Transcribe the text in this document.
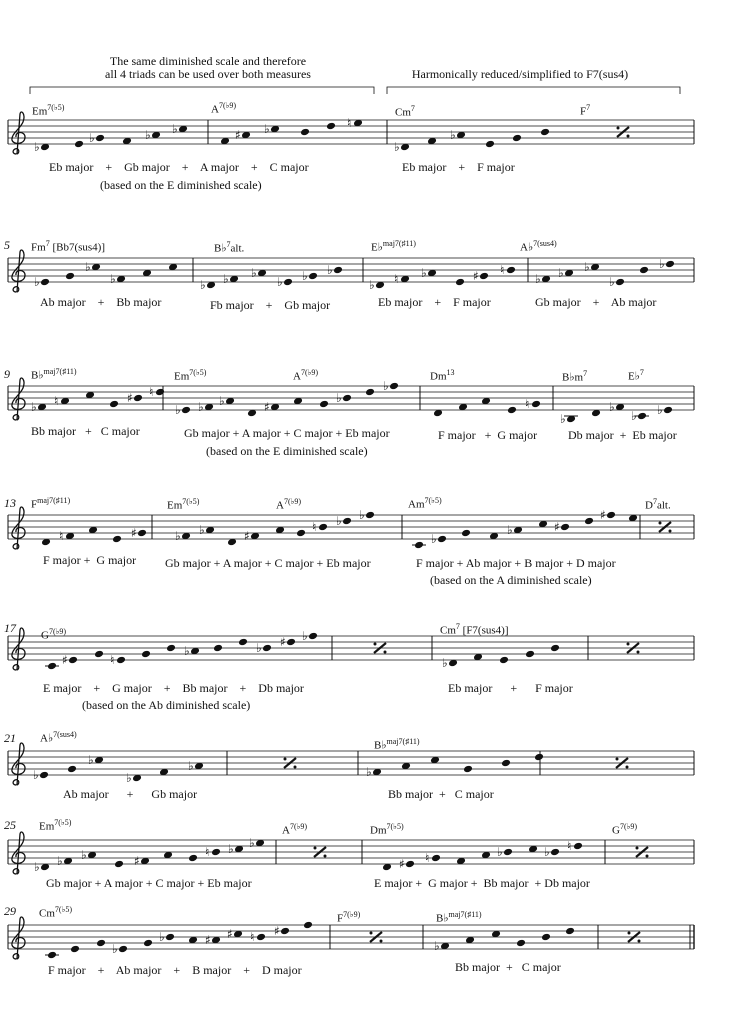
♭
♭	♭ ♭	♯ ♭	♮
♭
♭
♭
♭
♭	♭ ♭ ♭
♭ ♭ ♭
♭ ♮ ♭	♯ ♮
♭ ♭ ♭
♭
♭
♭ ♮	♯ ♮
♭ ♭ ♭	♯
♭
♭
♮
♭
♭
♭ ♭
♮	♯	♭ ♭	♯
♮ ♭ ♭
♭
♭	♯
♯
♯	♮
♭	♭ ♯ ♭
♭
♭
♭
♭
♭	♭
♭ ♭ ♭	♯
♮ ♭ ♭
♯ ♮	♭	♭ ♮
♭
♭	♯ ♯ ♮ ♯
♭
The same diminished scale and therefore
all 4 triads can be used over both measures	Harmonically reduced/simplified to F7(sus4)
5
9
13
17
21
25
29
$Em^{7(♭5)}$	$A^{7(♭9)}$
Cm$^7$	$F^7$
Fm$^7$ [Bb7(sus4)]	B♭$^7$alt.	E♭$^{maj7(♯11)}$	A♭$^{7(sus4)}$
B♭$^{maj7(♯11)}$	$Em^{7(♭5)}$	$A^{7(♭9)}$	Dm$^{13}$	$B♭m^7$	E♭$^7$
$F^{maj7(♯11)}$	$Em^{7(♭5)}$	$A^{7(♭9)}$	$Am^{7(♭5)}$	$D^7alt$.
$G^{7(♭9)}$	Cm$^7$ [F7(sus4)]
A♭$^{7(sus4)}$
B♭$^{maj7(♯11)}$
$Em^{7(♭5)}$
$A^{7(♭9)}$	$Dm^{7(♭5)}$	$G^{7(♭9)}$
$Cm^{7(♭5)}$
$F^{7(♭9)}$	B♭$^{maj7(♯11)}$
Eb major    +    Gb major    +    A major    +    C major
(based on the E diminished scale)
Eb major    +    F major
Ab major    +    Bb major	Fb major    +    Gb major	Eb major    +    F major	Gb major    +    Ab major
Bb major   +   C major	Gb major + A major + C major + Eb major
(based on the E diminished scale)
F major   +  G major	Db major  +  Eb major
F major +  G major Gb major + A major + C major + Eb major	F major + Ab major + B major + D major
(based on the A diminished scale)
E major    +    G major    +    Bb major    +    Db major
(based on the Ab diminished scale)
Eb major      +      F major
Ab major      +      Gb major	Bb major  +   C major
Gb major + A major + C major + Eb major	E major +  G major +  Bb major  + Db major
F major    +    Ab major    +    B major    +    D major	Bb major  +   C major
